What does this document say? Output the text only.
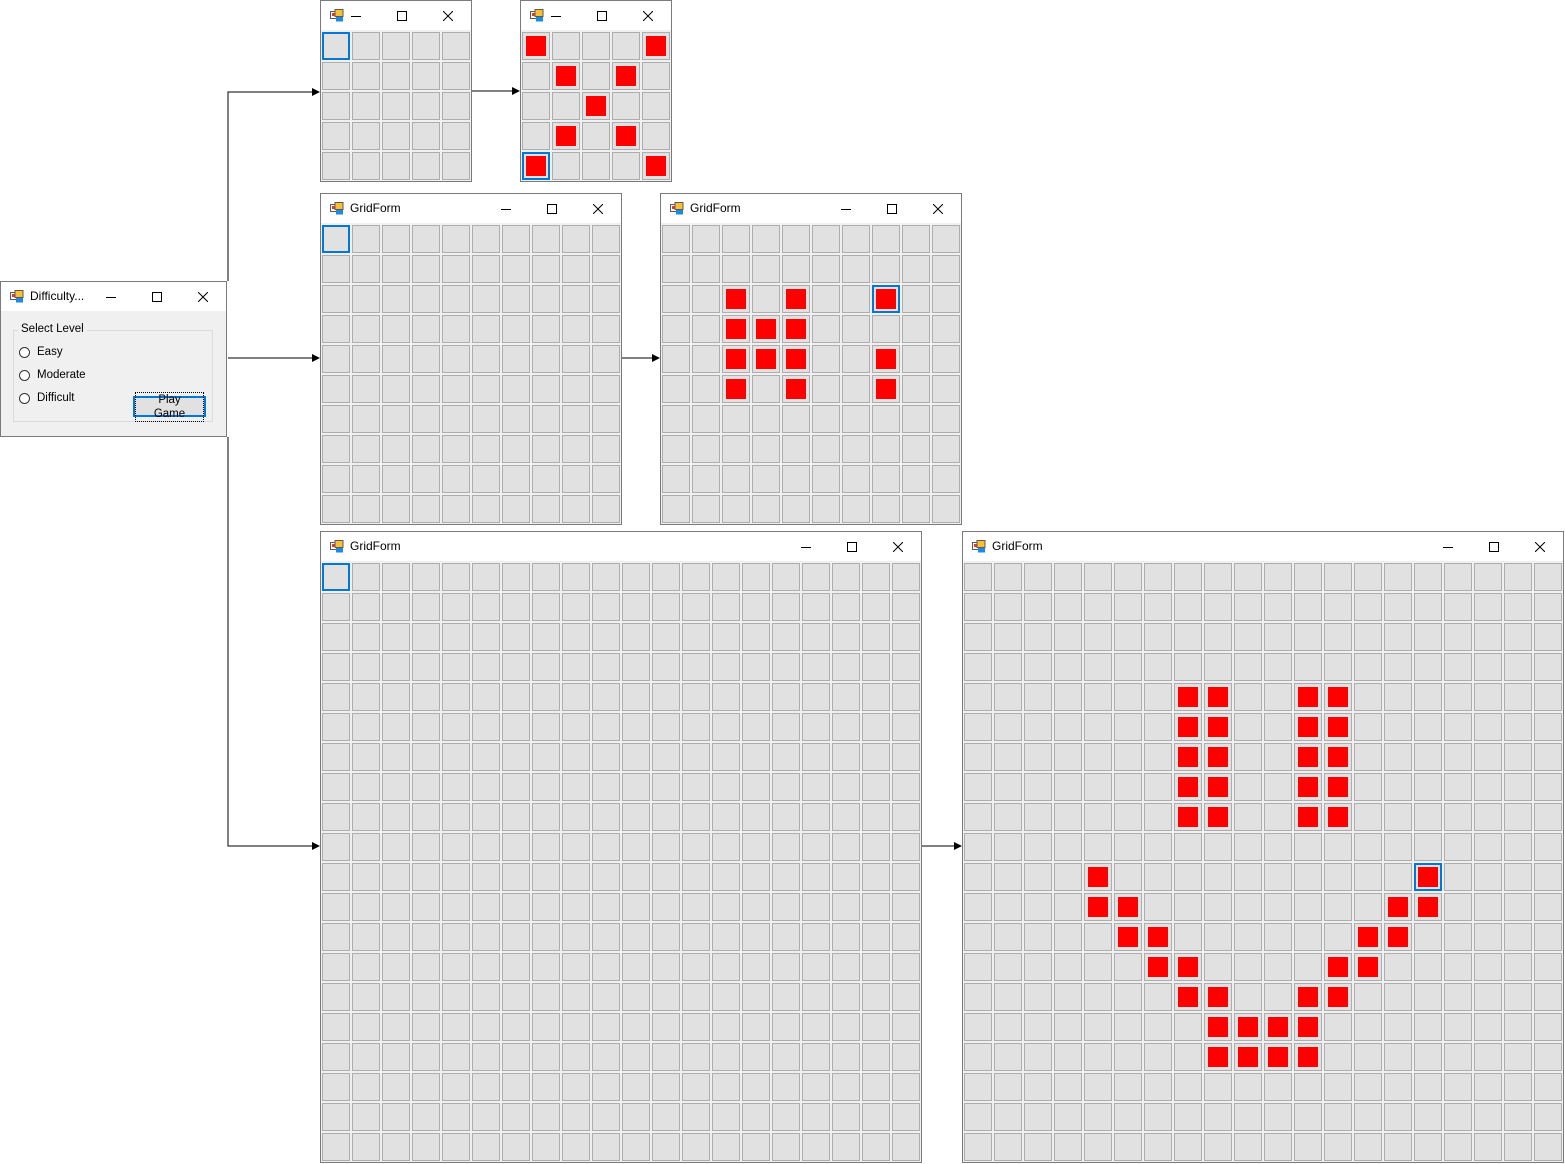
Difficulty...
Select Level
Easy
Moderate
Difficult	Play Game
GridForm	GridForm
GridForm	GridForm
